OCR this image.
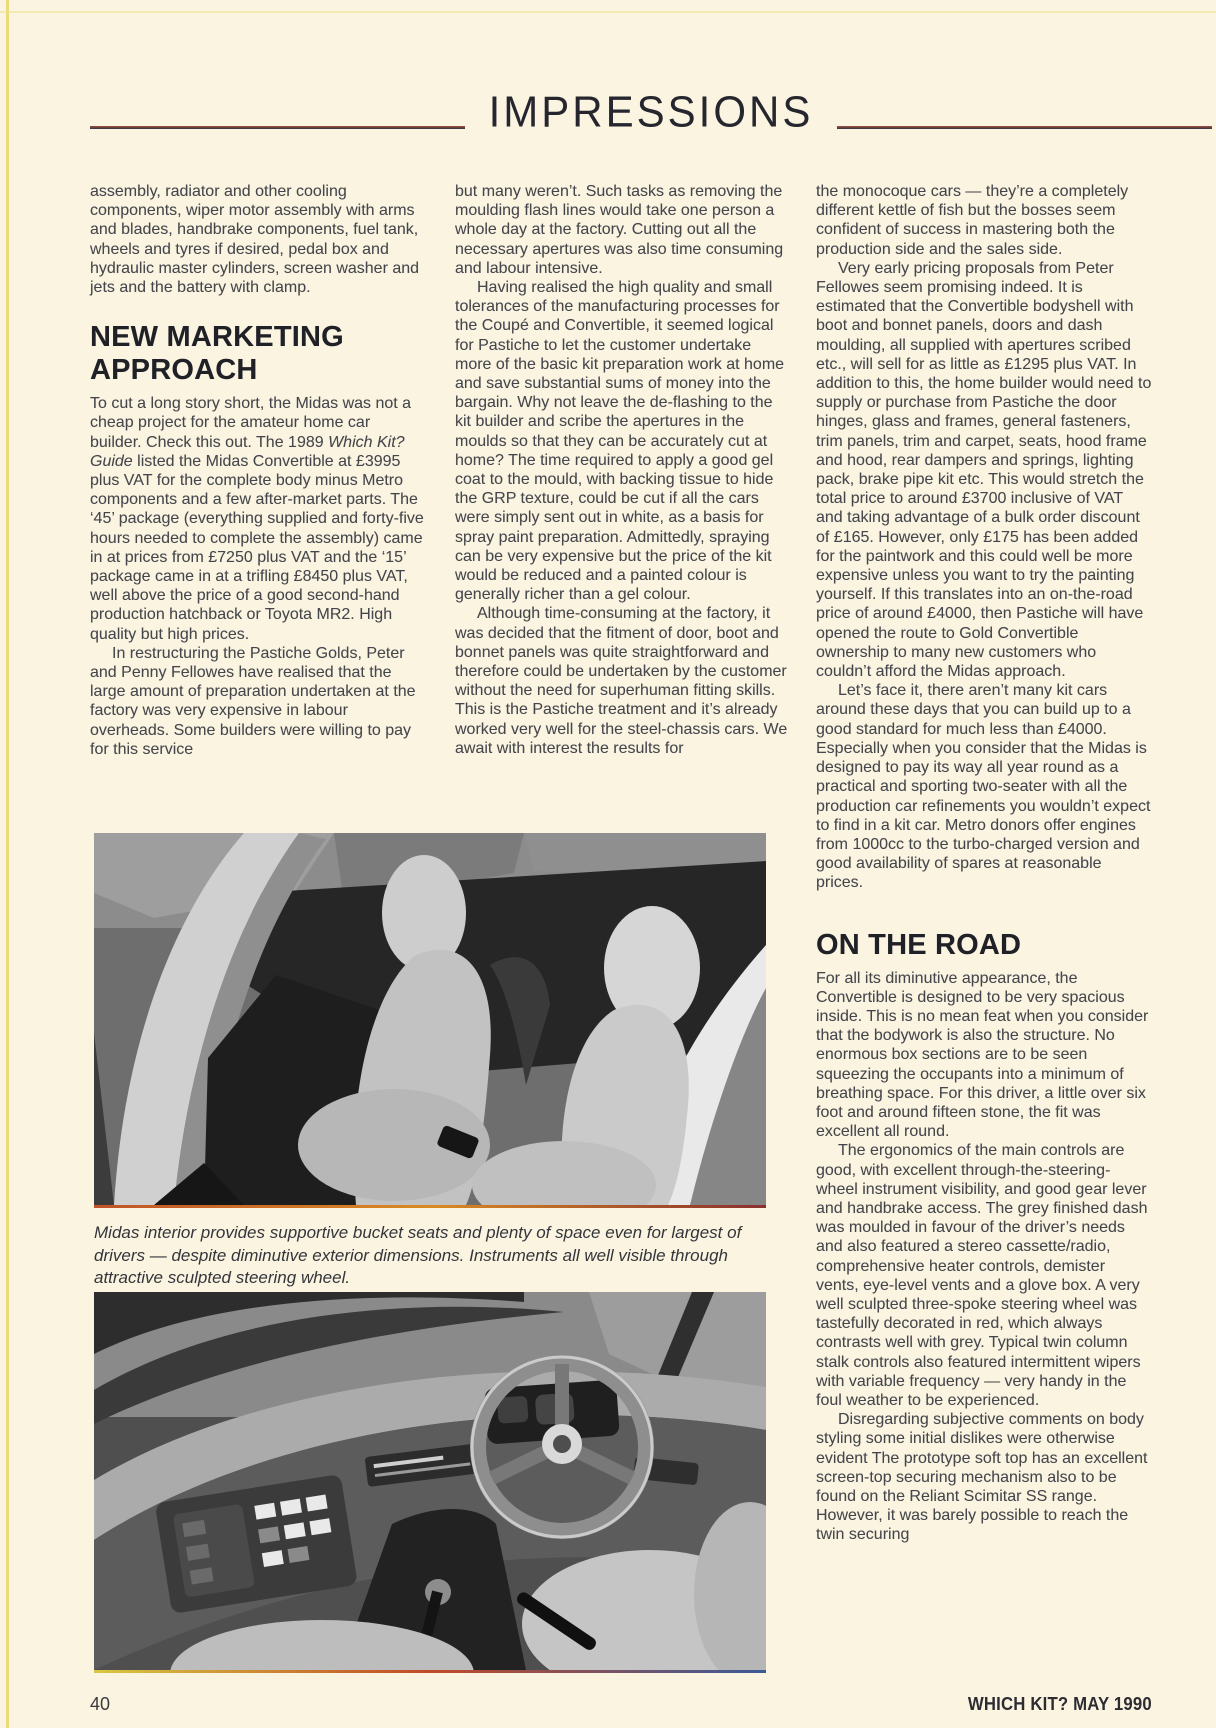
IMPRESSIONS

assembly, radiator and other cooling components, wiper motor assembly with arms and blades, handbrake components, fuel tank, wheels and tyres if desired, pedal box and hydraulic master cylinders, screen washer and jets and the battery with clamp.

NEW MARKETING APPROACH

To cut a long story short, the Midas was not a cheap project for the amateur home car builder. Check this out. The 1989 Which Kit? Guide listed the Midas Convertible at £3995 plus VAT for the complete body minus Metro components and a few after-market parts. The ‘45’ package (everything supplied and forty-five hours needed to complete the assembly) came in at prices from £7250 plus VAT and the ‘15’ package came in at a trifling £8450 plus VAT, well above the price of a good second-hand production hatchback or Toyota MR2. High quality but high prices.

In restructuring the Pastiche Golds, Peter and Penny Fellowes have realised that the large amount of preparation undertaken at the factory was very expensive in labour overheads. Some builders were willing to pay for this service

but many weren’t. Such tasks as removing the moulding flash lines would take one person a whole day at the factory. Cutting out all the necessary apertures was also time consuming and labour intensive.

Having realised the high quality and small tolerances of the manufacturing processes for the Coupé and Convertible, it seemed logical for Pastiche to let the customer undertake more of the basic kit preparation work at home and save substantial sums of money into the bargain. Why not leave the de-flashing to the kit builder and scribe the apertures in the moulds so that they can be accurately cut at home? The time required to apply a good gel coat to the mould, with backing tissue to hide the GRP texture, could be cut if all the cars were simply sent out in white, as a basis for spray paint preparation. Admittedly, spraying can be very expensive but the price of the kit would be reduced and a painted colour is generally richer than a gel colour.

Although time-consuming at the factory, it was decided that the fitment of door, boot and bonnet panels was quite straightforward and therefore could be undertaken by the customer without the need for superhuman fitting skills. This is the Pastiche treatment and it’s already worked very well for the steel-chassis cars. We await with interest the results for

the monocoque cars — they’re a completely different kettle of fish but the bosses seem confident of success in mastering both the production side and the sales side.

Very early pricing proposals from Peter Fellowes seem promising indeed. It is estimated that the Convertible bodyshell with boot and bonnet panels, doors and dash moulding, all supplied with apertures scribed etc., will sell for as little as £1295 plus VAT. In addition to this, the home builder would need to supply or purchase from Pastiche the door hinges, glass and frames, general fasteners, trim panels, trim and carpet, seats, hood frame and hood, rear dampers and springs, lighting pack, brake pipe kit etc. This would stretch the total price to around £3700 inclusive of VAT and taking advantage of a bulk order discount of £165. However, only £175 has been added for the paintwork and this could well be more expensive unless you want to try the painting yourself. If this translates into an on-the-road price of around £4000, then Pastiche will have opened the route to Gold Convertible ownership to many new customers who couldn’t afford the Midas approach.

Let’s face it, there aren’t many kit cars around these days that you can build up to a good standard for much less than £4000. Especially when you consider that the Midas is designed to pay its way all year round as a practical and sporting two-seater with all the production car refinements you wouldn’t expect to find in a kit car. Metro donors offer engines from 1000cc to the turbo-charged version and good availability of spares at reasonable prices.

ON THE ROAD

For all its diminutive appearance, the Convertible is designed to be very spacious inside. This is no mean feat when you consider that the bodywork is also the structure. No enormous box sections are to be seen squeezing the occupants into a minimum of breathing space. For this driver, a little over six foot and around fifteen stone, the fit was excellent all round.

The ergonomics of the main controls are good, with excellent through-the-steering-wheel instrument visibility, and good gear lever and handbrake access. The grey finished dash was moulded in favour of the driver’s needs and also featured a stereo cassette/radio, comprehensive heater controls, demister vents, eye-level vents and a glove box. A very well sculpted three-spoke steering wheel was tastefully decorated in red, which always contrasts well with grey. Typical twin column stalk controls also featured intermittent wipers with variable frequency — very handy in the foul weather to be experienced.

Disregarding subjective comments on body styling some initial dislikes were otherwise evident The prototype soft top has an excellent screen-top securing mechanism also to be found on the Reliant Scimitar SS range. However, it was barely possible to reach the twin securing

Midas interior provides supportive bucket seats and plenty of space even for largest of drivers — despite diminutive exterior dimensions. Instruments all well visible through attractive sculpted steering wheel.
40	WHICH KIT? MAY 1990
